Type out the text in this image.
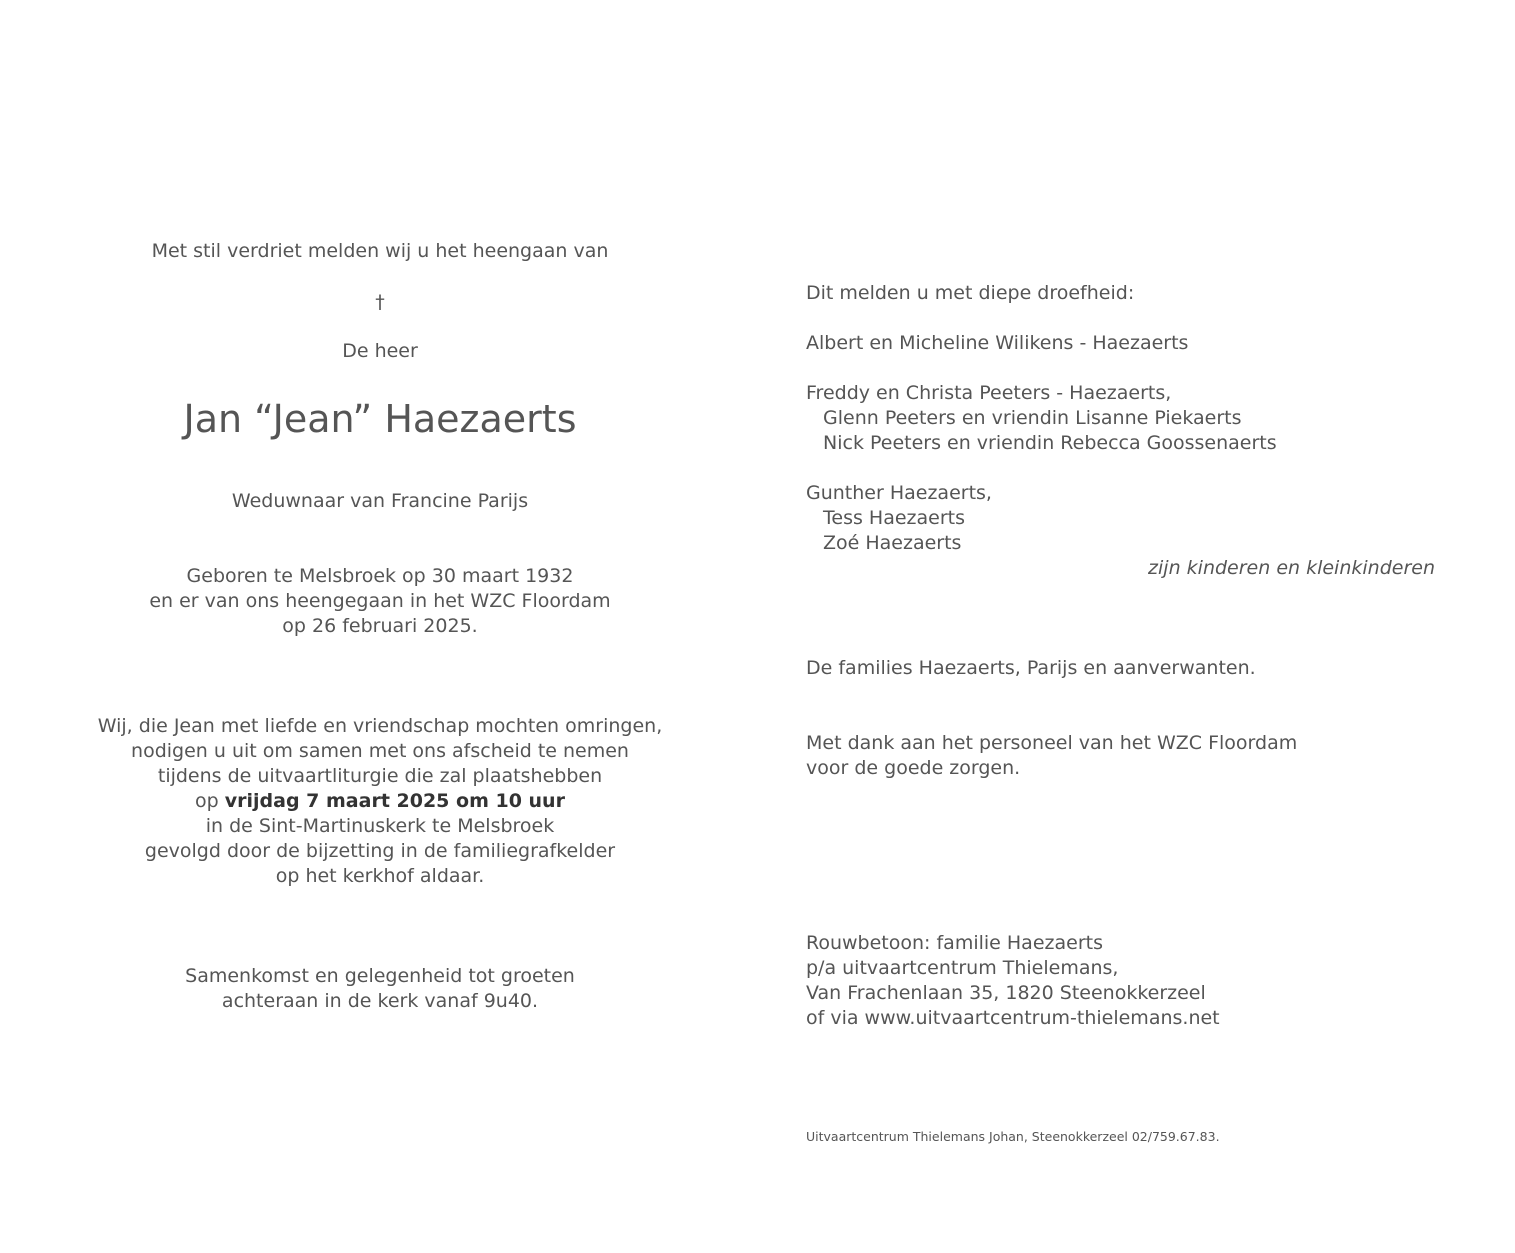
Met stil verdriet melden wij u het heengaan van
†
De heer
Jan “Jean” Haezaerts
Weduwnaar van Francine Parijs
Geboren te Melsbroek op 30 maart 1932
en er van ons heengegaan in het WZC Floordam
op 26 februari 2025.
Wij, die Jean met liefde en vriendschap mochten omringen,
nodigen u uit om samen met ons afscheid te nemen
tijdens de uitvaartliturgie die zal plaatshebben
op vrijdag 7 maart 2025 om 10 uur
in de Sint-Martinuskerk te Melsbroek
gevolgd door de bijzetting in de familiegrafkelder
op het kerkhof aldaar.
Samenkomst en gelegenheid tot groeten
achteraan in de kerk vanaf 9u40.
Dit melden u met diepe droefheid:
Albert en Micheline Wilikens - Haezaerts
Freddy en Christa Peeters - Haezaerts,
Glenn Peeters en vriendin Lisanne Piekaerts
Nick Peeters en vriendin Rebecca Goossenaerts
Gunther Haezaerts,
Tess Haezaerts
Zoé Haezaerts
zijn kinderen en kleinkinderen
De families Haezaerts, Parijs en aanverwanten.
Met dank aan het personeel van het WZC Floordam
voor de goede zorgen.
Rouwbetoon: familie Haezaerts
p/a uitvaartcentrum Thielemans,
Van Frachenlaan 35, 1820 Steenokkerzeel
of via www.uitvaartcentrum-thielemans.net
Uitvaartcentrum Thielemans Johan, Steenokkerzeel 02/759.67.83.
